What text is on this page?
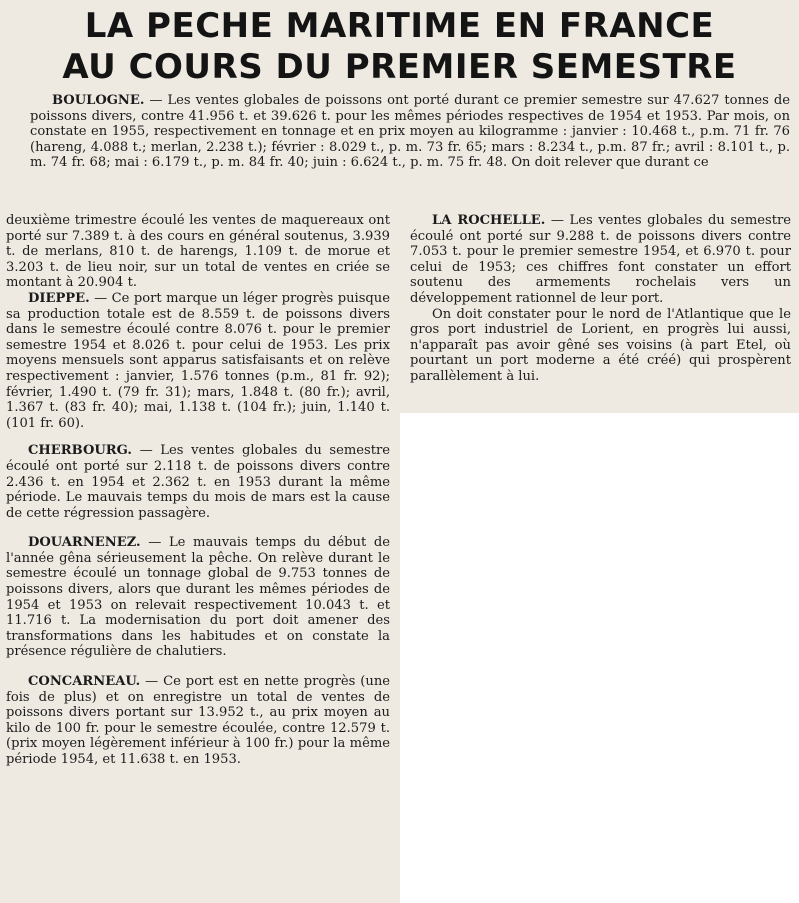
LA PECHE MARITIME EN FRANCE
AU COURS DU PREMIER SEMESTRE

BOULOGNE. — Les ventes globales de poissons ont porté durant ce premier semestre sur 47.627 tonnes de poissons divers, contre 41.956 t. et 39.626 t. pour les mêmes périodes respectives de 1954 et 1953. Par mois, on constate en 1955, respectivement en tonnage et en prix moyen au kilogramme : janvier : 10.468 t., p.m. 71 fr. 76 (hareng, 4.088 t.; merlan, 2.238 t.); février : 8.029 t., p. m. 73 fr. 65; mars : 8.234 t., p.m. 87 fr.; avril : 8.101 t., p. m. 74 fr. 68; mai : 6.179 t., p. m. 84 fr. 40; juin : 6.624 t., p. m. 75 fr. 48. On doit relever que durant ce

deuxième trimestre écoulé les ventes de maquereaux ont porté sur 7.389 t. à des cours en général soutenus, 3.939 t. de merlans, 810 t. de harengs, 1.109 t. de morue et 3.203 t. de lieu noir, sur un total de ventes en criée se montant à 20.904 t.

DIEPPE. — Ce port marque un léger progrès puisque sa production totale est de 8.559 t. de poissons divers dans le semestre écoulé contre 8.076 t. pour le premier semestre 1954 et 8.026 t. pour celui de 1953. Les prix moyens mensuels sont apparus satisfaisants et on relève respectivement : janvier, 1.576 tonnes (p.m., 81 fr. 92); février, 1.490 t. (79 fr. 31); mars, 1.848 t. (80 fr.); avril, 1.367 t. (83 fr. 40); mai, 1.138 t. (104 fr.); juin, 1.140 t. (101 fr. 60).

CHERBOURG. — Les ventes globales du semestre écoulé ont porté sur 2.118 t. de poissons divers contre 2.436 t. en 1954 et 2.362 t. en 1953 durant la même période. Le mauvais temps du mois de mars est la cause de cette régression passagère.

DOUARNENEZ. — Le mauvais temps du début de l'année gêna sérieusement la pêche. On relève durant le semestre écoulé un tonnage global de 9.753 tonnes de poissons divers, alors que durant les mêmes périodes de 1954 et 1953 on relevait respectivement 10.043 t. et 11.716 t. La modernisation du port doit amener des transformations dans les habitudes et on constate la présence régulière de chalutiers.

CONCARNEAU. — Ce port est en nette progrès (une fois de plus) et on enregistre un total de ventes de poissons divers portant sur 13.952 t., au prix moyen au kilo de 100 fr. pour le semestre écoulée, contre 12.579 t. (prix moyen légèrement inférieur à 100 fr.) pour la même période 1954, et 11.638 t. en 1953.

LA ROCHELLE. — Les ventes globales du semestre écoulé ont porté sur 9.288 t. de poissons divers contre 7.053 t. pour le premier semestre 1954, et 6.970 t. pour celui de 1953; ces chiffres font constater un effort soutenu des armements rochelais vers un développement rationnel de leur port.

On doit constater pour le nord de l'Atlantique que le gros port industriel de Lorient, en progrès lui aussi, n'apparaît pas avoir gêné ses voisins (à part Etel, où pourtant un port moderne a été créé) qui prospèrent parallèlement à lui.
